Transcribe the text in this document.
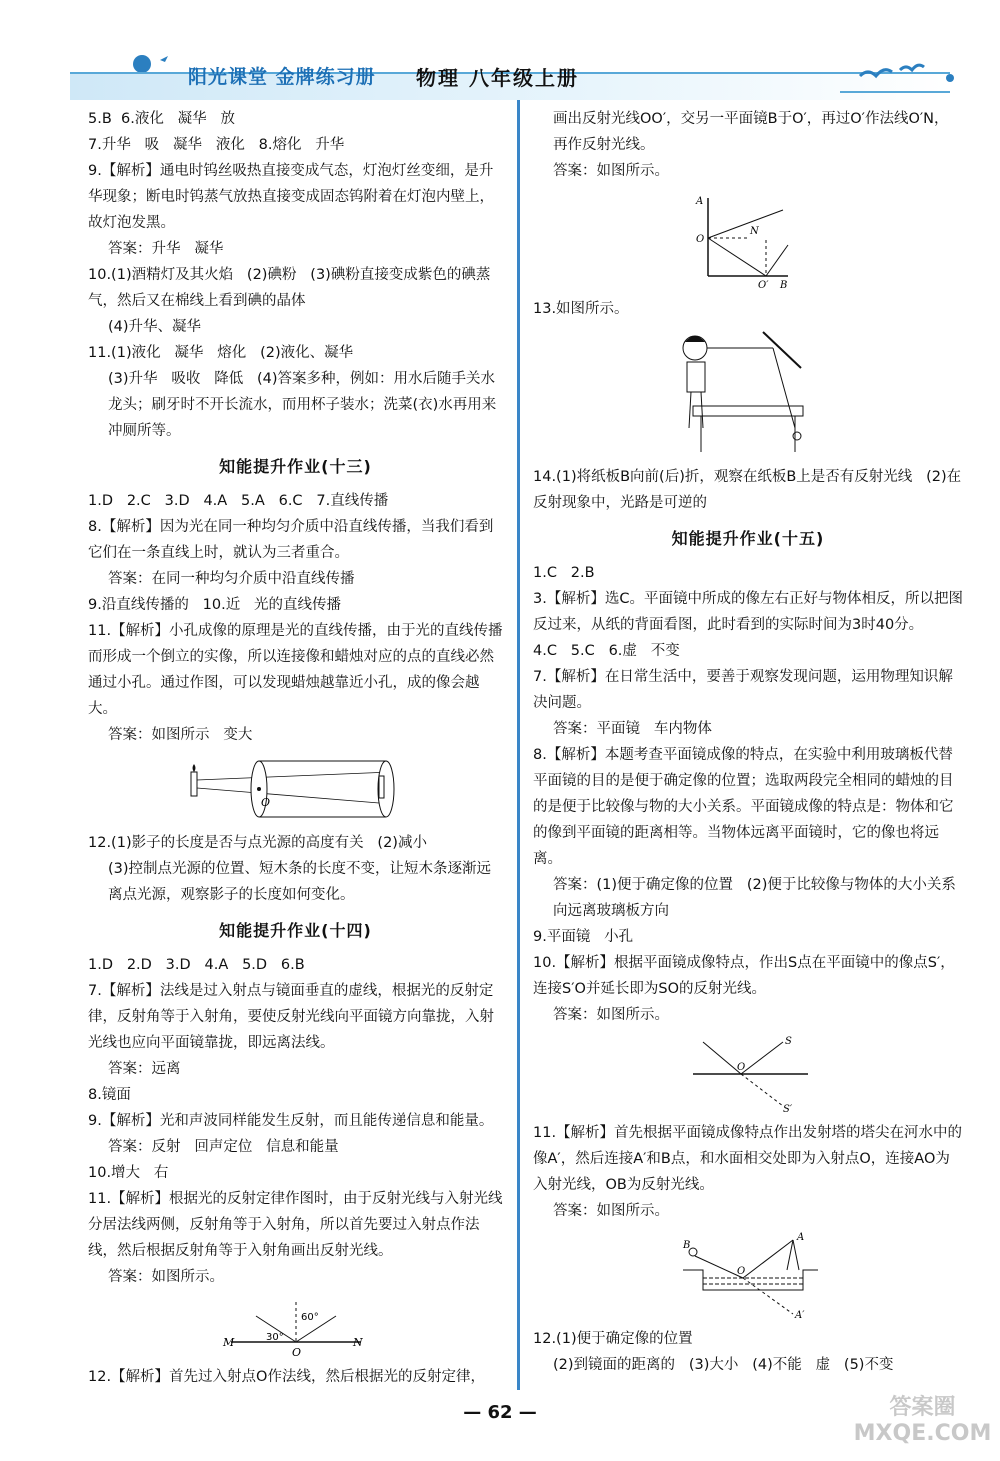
阳光课堂 金牌练习册 物理 八年级上册

5.B  6.液化   凝华   放

7.升华   吸   凝华   液化   8.熔化   升华

9.【解析】通电时钨丝吸热直接变成气态，灯泡灯丝变细，是升华现象；断电时钨蒸气放热直接变成固态钨附着在灯泡内壁上，故灯泡发黑。

答案：升华   凝华

10.(1)酒精灯及其火焰   (2)碘粉   (3)碘粉直接变成紫色的碘蒸气，然后又在棉线上看到碘的晶体

(4)升华、凝华

11.(1)液化   凝华   熔化   (2)液化、凝华

(3)升华   吸收   降低   (4)答案多种，例如：用水后随手关水龙头；刷牙时不开长流水，而用杯子装水；洗菜(衣)水再用来冲厕所等。

知能提升作业(十三)

1.D   2.C   3.D   4.A   5.A   6.C   7.直线传播

8.【解析】因为光在同一种均匀介质中沿直线传播，当我们看到它们在一条直线上时，就认为三者重合。

答案：在同一种均匀介质中沿直线传播

9.沿直线传播的   10.近   光的直线传播

11.【解析】小孔成像的原理是光的直线传播，由于光的直线传播而形成一个倒立的实像，所以连接像和蜡烛对应的点的直线必然通过小孔。通过作图，可以发现蜡烛越靠近小孔，成的像会越大。

答案：如图所示   变大

O

12.(1)影子的长度是否与点光源的高度有关   (2)减小

(3)控制点光源的位置、短木条的长度不变，让短木条逐渐远离点光源，观察影子的长度如何变化。

知能提升作业(十四)

1.D   2.D   3.D   4.A   5.D   6.B

7.【解析】法线是过入射点与镜面垂直的虚线，根据光的反射定律，反射角等于入射角，要使反射光线向平面镜方向靠拢，入射光线也应向平面镜靠拢，即远离法线。

答案：远离

8.镜面

9.【解析】光和声波同样能发生反射，而且能传递信息和能量。

答案：反射   回声定位   信息和能量

10.增大   右

11.【解析】根据光的反射定律作图时，由于反射光线与入射光线分居法线两侧，反射角等于入射角，所以首先要过入射点作法线，然后根据反射角等于入射角画出反射光线。

答案：如图所示。

M	N
30°
60°
O

12.【解析】首先过入射点O作法线，然后根据光的反射定律，

画出反射光线OO′，交另一平面镜B于O′，再过O′作法线O′N，再作反射光线。

答案：如图所示。

A
N
O
O′ B

13.如图所示。

14.(1)将纸板B向前(后)折，观察在纸板B上是否有反射光线   (2)在反射现象中，光路是可逆的

知能提升作业(十五)

1.C   2.B

3.【解析】选C。平面镜中所成的像左右正好与物体相反，所以把图反过来，从纸的背面看图，此时看到的实际时间为3时40分。

4.C   5.C   6.虚   不变

7.【解析】在日常生活中，要善于观察发现问题，运用物理知识解决问题。

答案：平面镜   车内物体

8.【解析】本题考查平面镜成像的特点，在实验中利用玻璃板代替平面镜的目的是便于确定像的位置；选取两段完全相同的蜡烛的目的是便于比较像与物的大小关系。平面镜成像的特点是：物体和它的像到平面镜的距离相等。当物体远离平面镜时，它的像也将远离。

答案：(1)便于确定像的位置   (2)便于比较像与物体的大小关系   向远离玻璃板方向

9.平面镜   小孔

10.【解析】根据平面镜成像特点，作出S点在平面镜中的像点S′，连接S′O并延长即为SO的反射光线。

答案：如图所示。

S
O
S′

11.【解析】首先根据平面镜成像特点作出发射塔的塔尖在河水中的像A′，然后连接A′和B点，和水面相交处即为入射点O，连接AO为入射光线，OB为反射光线。

答案：如图所示。

B
A
O
A′

12.(1)便于确定像的位置

(2)到镜面的距离的   (3)大小   (4)不能   虚   (5)不变

— 62 —	答案圈 MXQE.COM
